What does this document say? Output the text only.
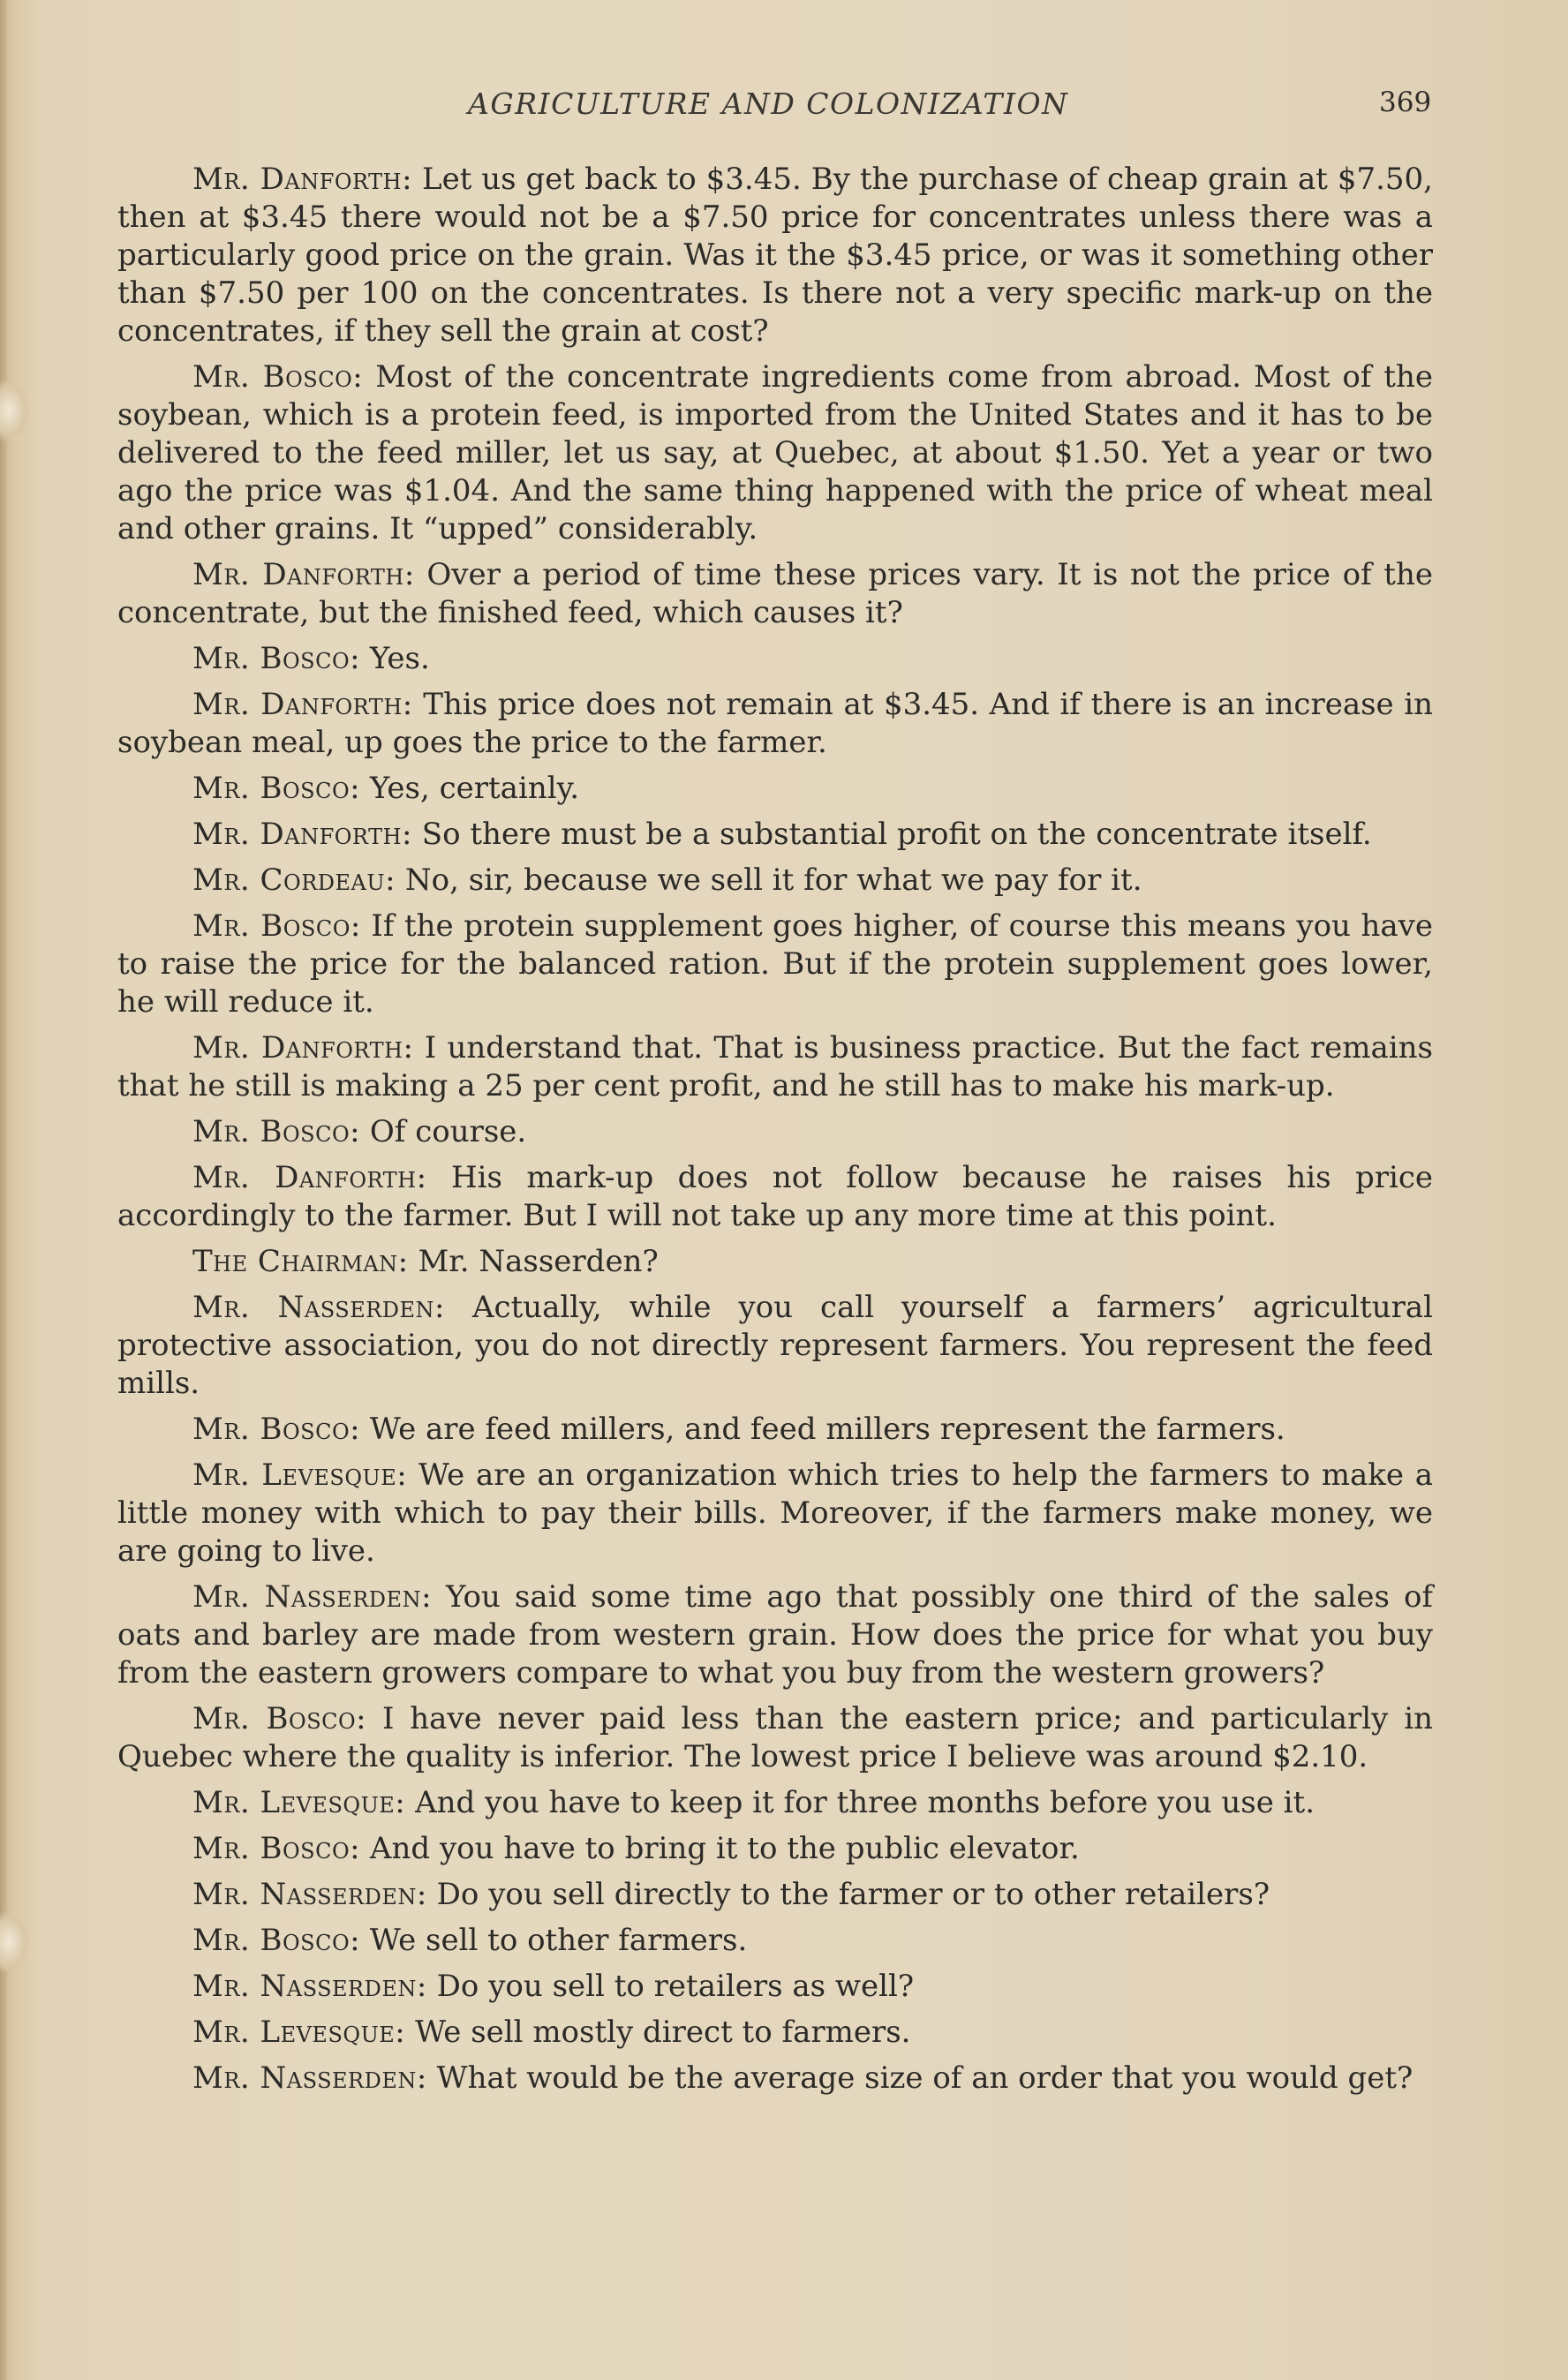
AGRICULTURE AND COLONIZATION	369

Mr. Danforth: Let us get back to $3.45. By the purchase of cheap grain at $7.50, then at $3.45 there would not be a $7.50 price for concentrates unless there was a particularly good price on the grain. Was it the $3.45 price, or was it something other than $7.50 per 100 on the concentrates. Is there not a very specific mark-up on the concentrates, if they sell the grain at cost?

Mr. Bosco: Most of the concentrate ingredients come from abroad. Most of the soybean, which is a protein feed, is imported from the United States and it has to be delivered to the feed miller, let us say, at Quebec, at about $1.50. Yet a year or two ago the price was $1.04. And the same thing happened with the price of wheat meal and other grains. It “upped” considerably.

Mr. Danforth: Over a period of time these prices vary. It is not the price of the concentrate, but the finished feed, which causes it?

Mr. Bosco: Yes.

Mr. Danforth: This price does not remain at $3.45. And if there is an increase in soybean meal, up goes the price to the farmer.

Mr. Bosco: Yes, certainly.

Mr. Danforth: So there must be a substantial profit on the concentrate itself.

Mr. Cordeau: No, sir, because we sell it for what we pay for it.

Mr. Bosco: If the protein supplement goes higher, of course this means you have to raise the price for the balanced ration. But if the protein supplement goes lower, he will reduce it.

Mr. Danforth: I understand that. That is business practice. But the fact remains that he still is making a 25 per cent profit, and he still has to make his mark-up.

Mr. Bosco: Of course.

Mr. Danforth: His mark-up does not follow because he raises his price accordingly to the farmer. But I will not take up any more time at this point.

The Chairman: Mr. Nasserden?

Mr. Nasserden: Actually, while you call yourself a farmers’ agricultural protective association, you do not directly represent farmers. You represent the feed mills.

Mr. Bosco: We are feed millers, and feed millers represent the farmers.

Mr. Levesque: We are an organization which tries to help the farmers to make a little money with which to pay their bills. Moreover, if the farmers make money, we are going to live.

Mr. Nasserden: You said some time ago that possibly one third of the sales of oats and barley are made from western grain. How does the price for what you buy from the eastern growers compare to what you buy from the western growers?

Mr. Bosco: I have never paid less than the eastern price; and particularly in Quebec where the quality is inferior. The lowest price I believe was around $2.10.

Mr. Levesque: And you have to keep it for three months before you use it.

Mr. Bosco: And you have to bring it to the public elevator.

Mr. Nasserden: Do you sell directly to the farmer or to other retailers?

Mr. Bosco: We sell to other farmers.

Mr. Nasserden: Do you sell to retailers as well?

Mr. Levesque: We sell mostly direct to farmers.

Mr. Nasserden: What would be the average size of an order that you would get?
